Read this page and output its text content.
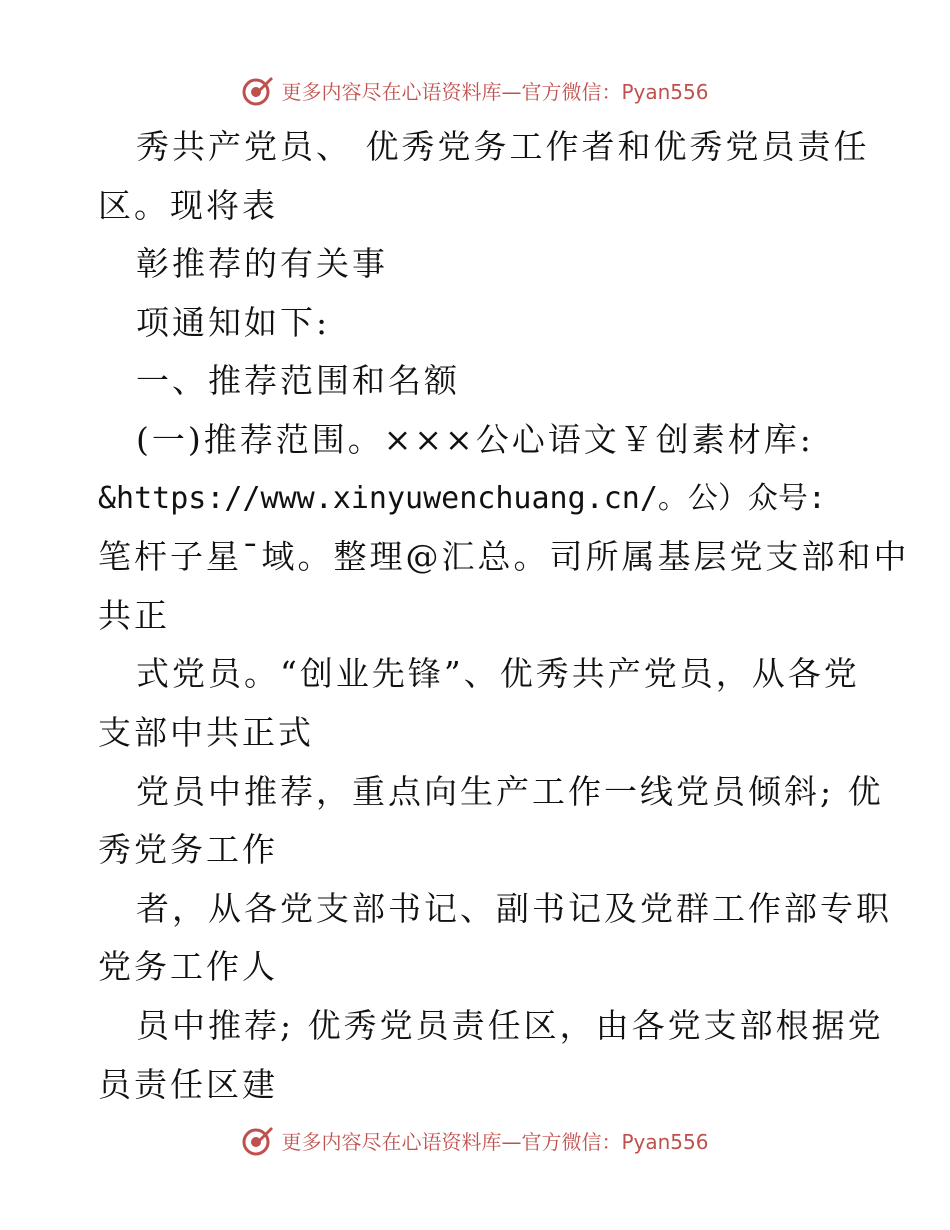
更多内容尽在心语资料库—官方微信：Pyan556
秀共产党员、 优秀党务工作者和优秀党员责任
区。现将表
彰推荐的有关事
项通知如下:
一、推荐范围和名额
(一)推荐范围。×××公心语文￥创素材库:
&https://www.xinyuwenchuang.cn/。公）众号:
笔杆子星¯域。整理@汇总。司所属基层党支部和中
共正
式党员。“创业先锋”、优秀共产党员，从各党
支部中共正式
党员中推荐，重点向生产工作一线党员倾斜; 优
秀党务工作
者，从各党支部书记、副书记及党群工作部专职
党务工作人
员中推荐; 优秀党员责任区，由各党支部根据党
员责任区建
更多内容尽在心语资料库—官方微信：Pyan556
